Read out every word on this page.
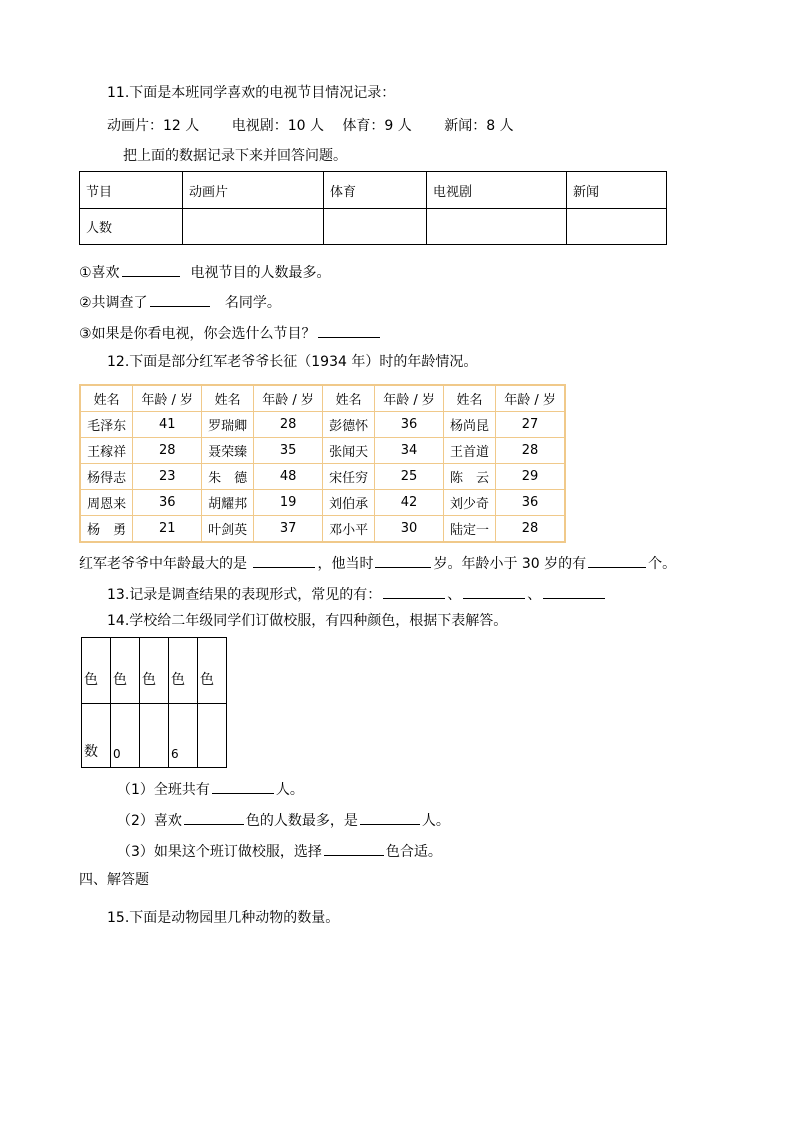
11.下面是本班同学喜欢的电视节目情况记录：
动画片：12 人 　　电视剧：10 人 　体育：9 人 　　新闻：8 人
把上面的数据记录下来并回答问题。
节目	动画片	体育	电视剧	新闻
人数				
①喜欢	电视节目的人数最多。
②共调查了	名同学。
③如果是你看电视，你会选什么节目？
12.下面是部分红军老爷爷长征（1934 年）时的年龄情况。
姓名	年龄 / 岁	姓名	年龄 / 岁	姓名	年龄 / 岁	姓名	年龄 / 岁
毛泽东	41	罗瑞卿	28	彭德怀	36	杨尚昆	27
王稼祥	28	聂荣臻	35	张闻天	34	王首道	28
杨得志	23	朱　德	48	宋任穷	25	陈　云	29
周恩来	36	胡耀邦	19	刘伯承	42	刘少奇	36
杨　勇	21	叶剑英	37	邓小平	30	陆定一	28
红军老爷爷中年龄最大的是	，他当时	岁。年龄小于 30 岁的有	个。
13.记录是调查结果的表现形式，常见的有：	、	、
14.学校给二年级同学们订做校服，有四种颜色，根据下表解答。
色	色	色	色	色
数	0		6	
（1）全班共有	人。
（2）喜欢	色的人数最多，是	人。
（3）如果这个班订做校服，选择	色合适。
四、解答题
15.下面是动物园里几种动物的数量。
